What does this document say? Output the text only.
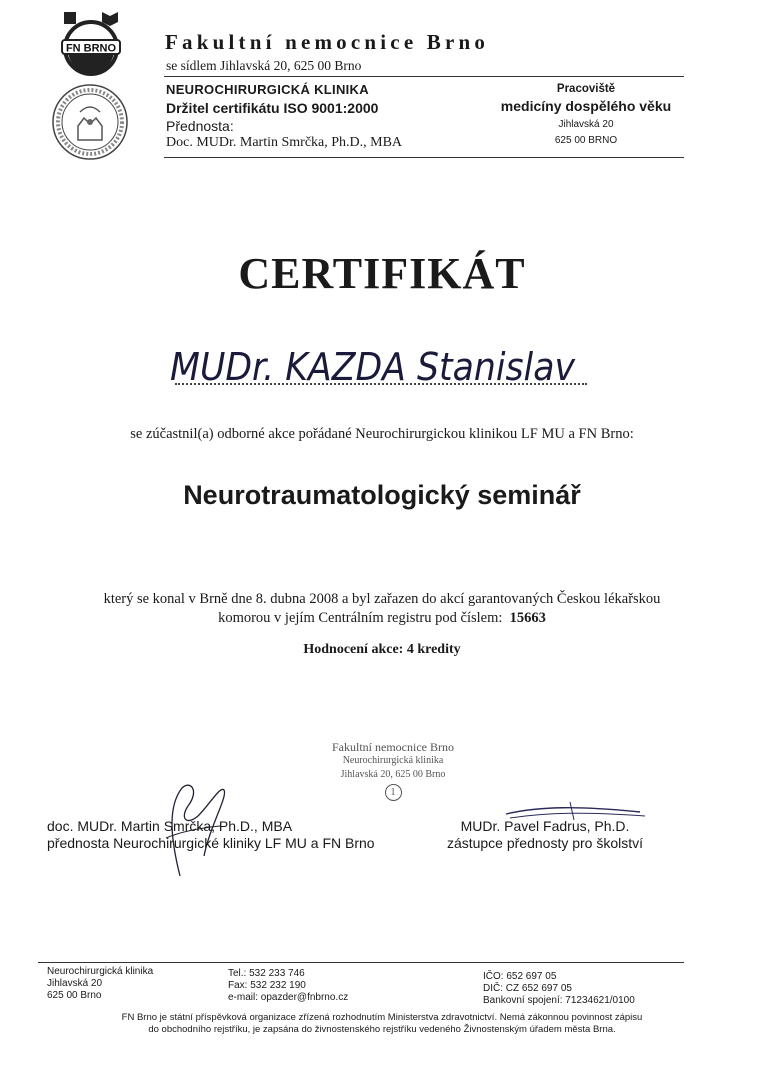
FN BRNO Fakultní nemocnice Brno
se sídlem Jihlavská 20, 625 00 Brno
NEUROCHIRURGICKÁ KLINIKA
Držitel certifikátu ISO 9001:2000
Přednosta:
Doc. MUDr. Martin Smrčka, Ph.D., MBA
Pracoviště
medicíny dospělého věku
Jihlavská 20
625 00 BRNO
CERTIFIKÁT
MUDr. KAZDA Stanislav
se zúčastnil(a) odborné akce pořádané Neurochirurgickou klinikou LF MU a FN Brno:
Neurotraumatologický seminář
který se konal v Brně dne 8. dubna 2008 a byl zařazen do akcí garantovaných Českou lékařskou
komorou v jejím Centrálním registru pod číslem: 15663
Hodnocení akce: 4 kredity
Fakultní nemocnice Brno
Neurochirurgická klinika
Jihlavská 20, 625 00 Brno
1
doc. MUDr. Martin Smrčka, Ph.D., MBA
přednosta Neurochirurgické kliniky LF MU a FN Brno
MUDr. Pavel Fadrus, Ph.D.
zástupce přednosty pro školství
Neurochirurgická klinika
Jihlavská 20
625 00 Brno
Tel.: 532 233 746
Fax: 532 232 190
e-mail: opazder@fnbrno.cz
IČO: 652 697 05
DIČ: CZ 652 697 05
Bankovní spojení: 71234621/0100
FN Brno je státní příspěvková organizace zřízená rozhodnutím Ministerstva zdravotnictví. Nemá zákonnou povinnost zápisu
do obchodního rejstříku, je zapsána do živnostenského rejstříku vedeného Živnostenským úřadem města Brna.
